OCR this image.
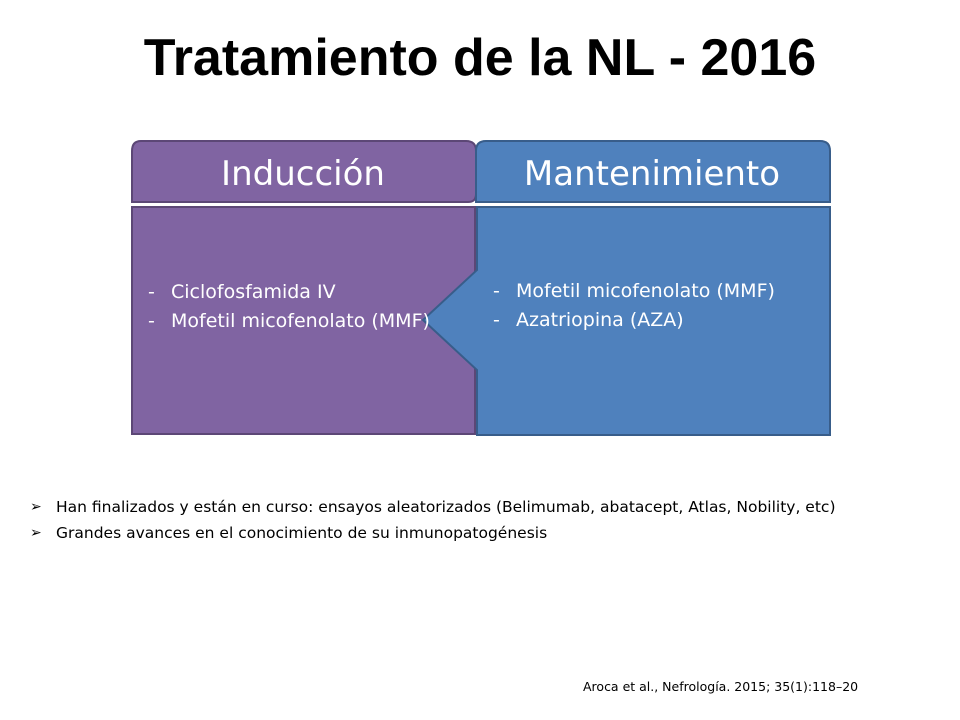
Tratamiento de la NL - 2016
Inducción	Mantenimiento
- Ciclofosfamida IV
- Mofetil micofenolato (MMF)
- Mofetil micofenolato (MMF)
- Azatriopina (AZA)
➢ Han finalizados y están en curso: ensayos aleatorizados (Belimumab, abatacept, Atlas, Nobility, etc)
➢ Grandes avances en el conocimiento de su inmunopatogénesis
Aroca et al., Nefrología. 2015; 35(1):118–20
